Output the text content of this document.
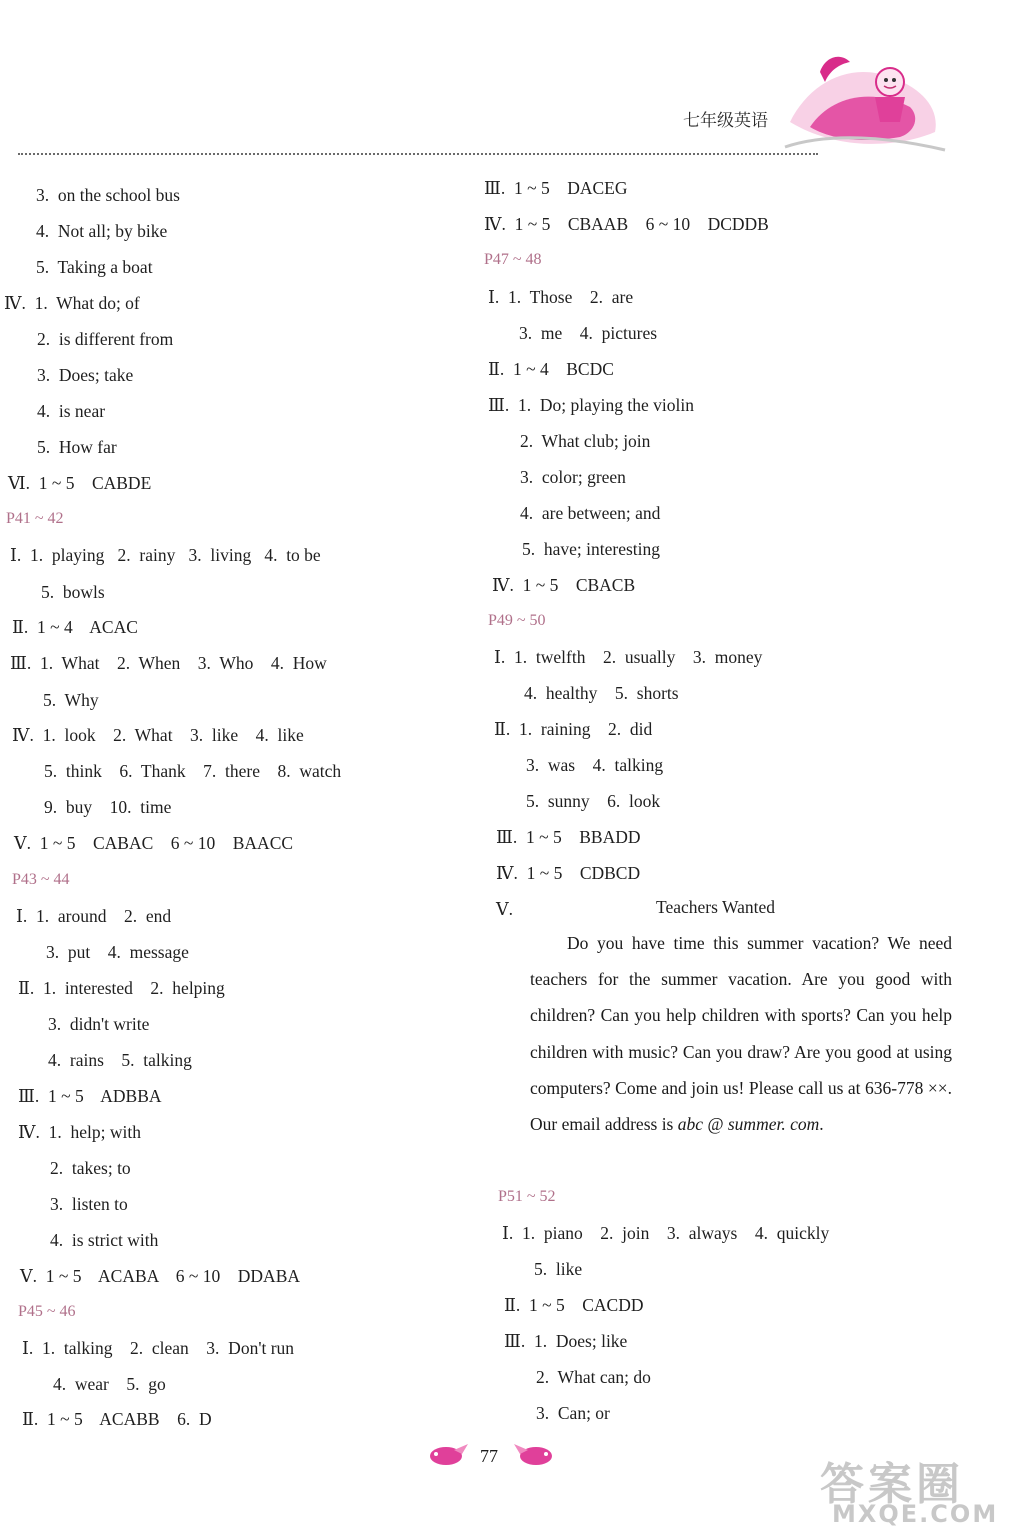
七年级英语
3.  on the school bus
4.  Not all; by bike
5.  Taking a boat
Ⅳ.  1.  What do; of
2.  is different from
3.  Does; take
4.  is near
5.  How far
Ⅵ.  1 ~ 5    CABDE
P41 ~ 42
Ⅰ.  1.  playing   2.  rainy   3.  living   4.  to be
5.  bowls
Ⅱ.  1 ~ 4    ACAC
Ⅲ.  1.  What    2.  When    3.  Who    4.  How
5.  Why
Ⅳ.  1.  look    2.  What    3.  like    4.  like
5.  think    6.  Thank    7.  there    8.  watch
9.  buy    10.  time
Ⅴ.  1 ~ 5    CABAC    6 ~ 10    BAACC
P43 ~ 44
Ⅰ.  1.  around    2.  end
3.  put    4.  message
Ⅱ.  1.  interested    2.  helping
3.  didn't write
4.  rains    5.  talking
Ⅲ.  1 ~ 5    ADBBA
Ⅳ.  1.  help; with
2.  takes; to
3.  listen to
4.  is strict with
Ⅴ.  1 ~ 5    ACABA    6 ~ 10    DDABA
P45 ~ 46
Ⅰ.  1.  talking    2.  clean    3.  Don't run
4.  wear    5.  go
Ⅱ.  1 ~ 5    ACABB    6.  D
Ⅲ.  1 ~ 5    DACEG
Ⅳ.  1 ~ 5    CBAAB    6 ~ 10    DCDDB
P47 ~ 48
Ⅰ.  1.  Those    2.  are
3.  me    4.  pictures
Ⅱ.  1 ~ 4    BCDC
Ⅲ.  1.  Do; playing the violin
2.  What club; join
3.  color; green
4.  are between; and
5.  have; interesting
Ⅳ.  1 ~ 5    CBACB
P49 ~ 50
Ⅰ.  1.  twelfth    2.  usually    3.  money
4.  healthy    5.  shorts
Ⅱ.  1.  raining    2.  did
3.  was    4.  talking
5.  sunny    6.  look
Ⅲ.  1 ~ 5    BBADD
Ⅳ.  1 ~ 5    CDBCD
Ⅴ.	Teachers Wanted
Do you have time this summer vacation? We need teachers for the summer vacation. Are you good with children? Can you help children with sports? Can you help children with music? Can you draw? Are you good at using computers? Come and join us! Please call us at 636-778 ××. Our email address is abc @ summer. com.
P51 ~ 52
Ⅰ.  1.  piano    2.  join    3.  always    4.  quickly
5.  like
Ⅱ.  1 ~ 5    CACDD
Ⅲ.  1.  Does; like
2.  What can; do
3.  Can; or
77
答案圈
MXQE.COM
